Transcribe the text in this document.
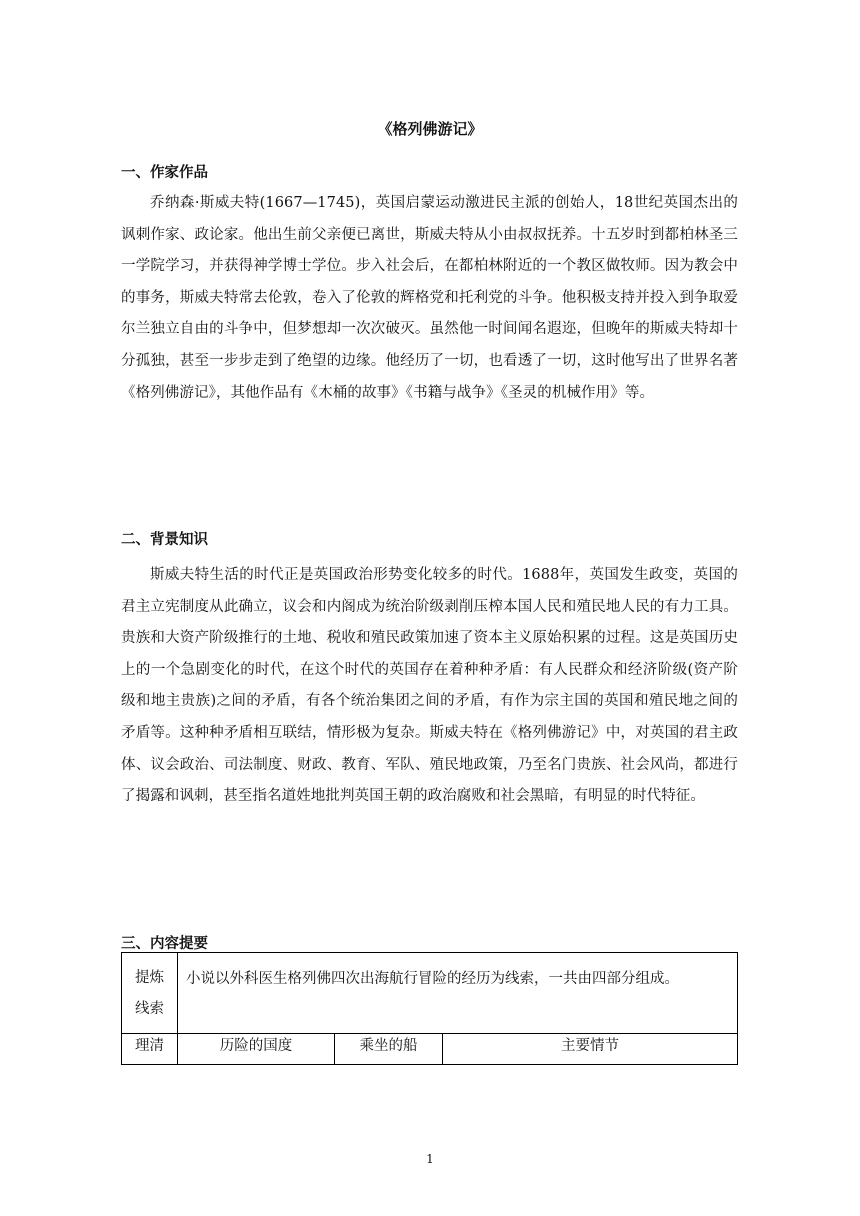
《格列佛游记》
一、作家作品

乔纳森·斯威夫特(1667—1745)，英国启蒙运动激进民主派的创始人，18世纪英国杰出的讽刺作家、政论家。他出生前父亲便已离世，斯威夫特从小由叔叔抚养。十五岁时到都柏林圣三一学院学习，并获得神学博士学位。步入社会后，在都柏林附近的一个教区做牧师。因为教会中的事务，斯威夫特常去伦敦，卷入了伦敦的辉格党和托利党的斗争。他积极支持并投入到争取爱尔兰独立自由的斗争中，但梦想却一次次破灭。虽然他一时间闻名遐迩，但晚年的斯威夫特却十分孤独，甚至一步步走到了绝望的边缘。他经历了一切，也看透了一切，这时他写出了世界名著《格列佛游记》，其他作品有《木桶的故事》《书籍与战争》《圣灵的机械作用》等。

二、背景知识

斯威夫特生活的时代正是英国政治形势变化较多的时代。1688年，英国发生政变，英国的君主立宪制度从此确立，议会和内阁成为统治阶级剥削压榨本国人民和殖民地人民的有力工具。贵族和大资产阶级推行的土地、税收和殖民政策加速了资本主义原始积累的过程。这是英国历史上的一个急剧变化的时代，在这个时代的英国存在着种种矛盾：有人民群众和经济阶级(资产阶级和地主贵族)之间的矛盾，有各个统治集团之间的矛盾，有作为宗主国的英国和殖民地之间的矛盾等。这种种矛盾相互联结，情形极为复杂。斯威夫特在《格列佛游记》中，对英国的君主政体、议会政治、司法制度、财政、教育、军队、殖民地政策，乃至名门贵族、社会风尚，都进行了揭露和讽刺，甚至指名道姓地批判英国王朝的政治腐败和社会黑暗，有明显的时代特征。

三、内容提要
提炼
线索	小说以外科医生格列佛四次出海航行冒险的经历为线索，一共由四部分组成。		
理清	历险的国度	乘坐的船	主要情节
1
